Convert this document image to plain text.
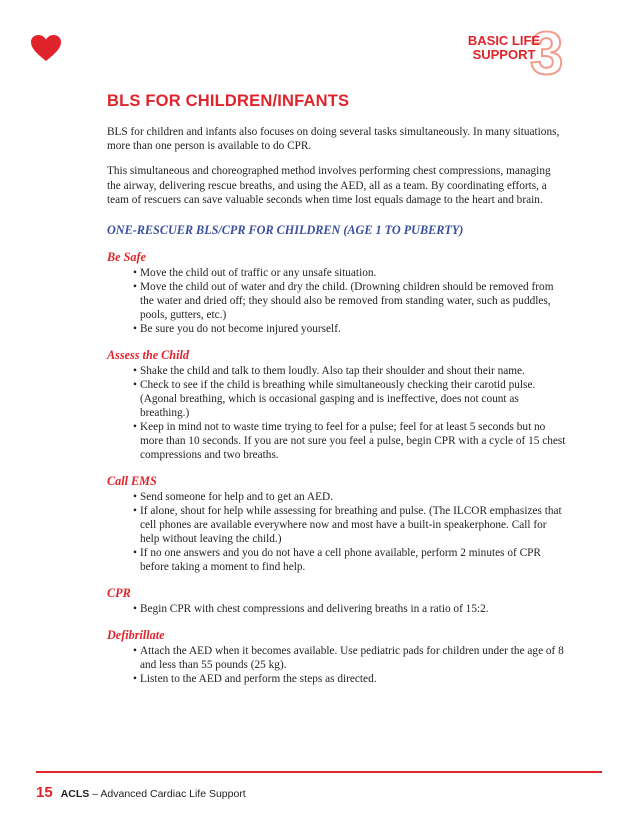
3
BASIC LIFE
SUPPORT
BLS FOR CHILDREN/INFANTS

BLS for children and infants also focuses on doing several tasks simultaneously. In many situations, more than one person is available to do CPR.

This simultaneous and choreographed method involves performing chest compressions, managing the airway, delivering rescue breaths, and using the AED, all as a team. By coordinating efforts, a team of rescuers can save valuable seconds when time lost equals damage to the heart and brain.

ONE-RESCUER BLS/CPR FOR CHILDREN (AGE 1 TO PUBERTY)
Be Safe
• Move the child out of traffic or any unsafe situation.
• Move the child out of water and dry the child. (Drowning children should be removed from the water and dried off; they should also be removed from standing water, such as puddles, pools, gutters, etc.)
• Be sure you do not become injured yourself.
Assess the Child
• Shake the child and talk to them loudly. Also tap their shoulder and shout their name.
• Check to see if the child is breathing while simultaneously checking their carotid pulse. (Agonal breathing, which is occasional gasping and is ineffective, does not count as breathing.)
• Keep in mind not to waste time trying to feel for a pulse; feel for at least 5 seconds but no more than 10 seconds. If you are not sure you feel a pulse, begin CPR with a cycle of 15 chest compressions and two breaths.
Call EMS
• Send someone for help and to get an AED.
• If alone, shout for help while assessing for breathing and pulse. (The ILCOR emphasizes that cell phones are available everywhere now and most have a built-in speakerphone. Call for help without leaving the child.)
• If no one answers and you do not have a cell phone available, perform 2 minutes of CPR before taking a moment to find help.
CPR
• Begin CPR with chest compressions and delivering breaths in a ratio of 15:2.
Defibrillate
• Attach the AED when it becomes available. Use pediatric pads for children under the age of 8 and less than 55 pounds (25 kg).
• Listen to the AED and perform the steps as directed.
15 ACLS – Advanced Cardiac Life Support
